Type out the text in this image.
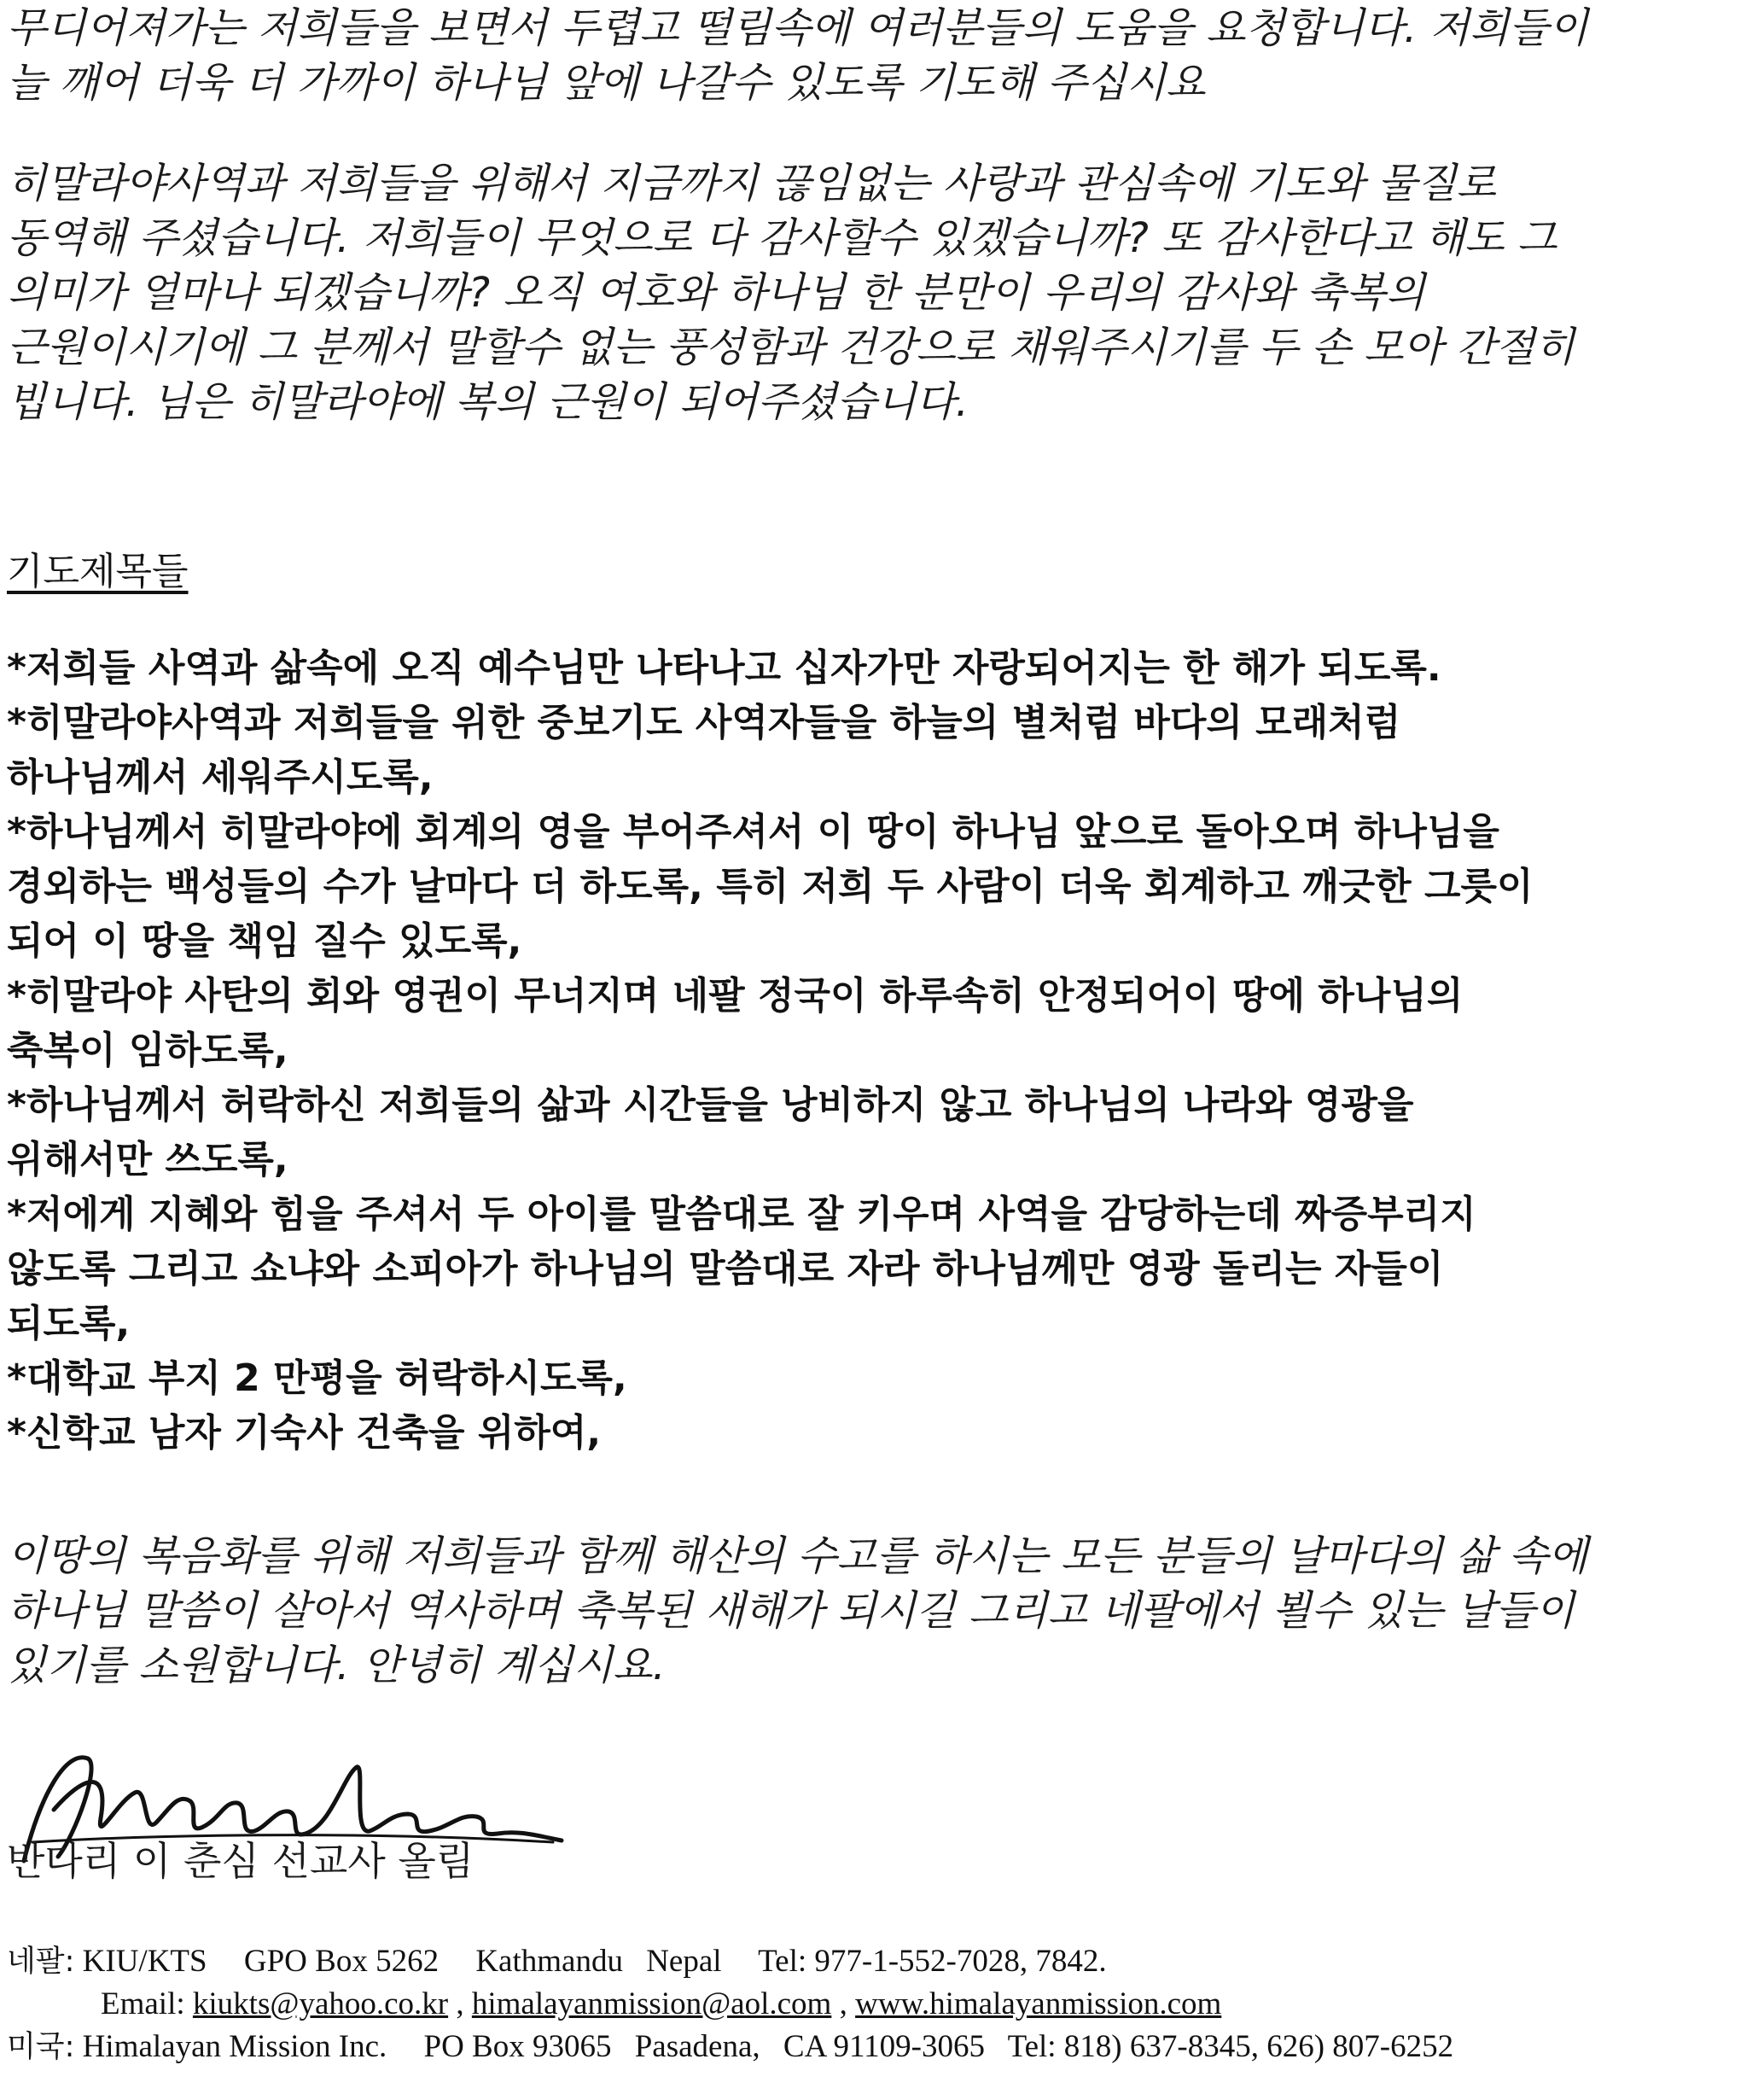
무디어져가는 저희들을 보면서 두렵고 떨림속에 여러분들의 도움을 요청합니다. 저희들이

늘 깨어 더욱 더 가까이 하나님 앞에 나갈수 있도록 기도해 주십시요

히말라야사역과 저희들을 위해서 지금까지 끊임없는 사랑과 관심속에 기도와 물질로

동역해 주셨습니다. 저희들이 무엇으로 다 감사할수 있겠습니까? 또 감사한다고 해도 그

의미가 얼마나 되겠습니까? 오직 여호와 하나님 한 분만이 우리의 감사와 축복의

근원이시기에 그 분께서 말할수 없는 풍성함과 건강으로 채워주시기를 두 손 모아 간절히

빕니다. 님은 히말라야에 복의 근원이 되어주셨습니다.

기도제목들

*저희들 사역과 삶속에 오직 예수님만 나타나고 십자가만 자랑되어지는 한 해가 되도록.

*히말라야사역과 저희들을 위한 중보기도 사역자들을 하늘의 별처럼 바다의 모래처럼

하나님께서 세워주시도록,

*하나님께서 히말라야에 회계의 영을 부어주셔서 이 땅이 하나님 앞으로 돌아오며 하나님을

경외하는 백성들의 수가 날마다 더 하도록, 특히 저희 두 사람이 더욱 회계하고 깨긋한 그릇이

되어 이 땅을 책임 질수 있도록,

*히말라야 사탄의 회와 영권이 무너지며 네팔 정국이 하루속히 안정되어이 땅에 하나님의

축복이 임하도록,

*하나님께서 허락하신 저희들의 삶과 시간들을 낭비하지 않고 하나님의 나라와 영광을

위해서만 쓰도록,

*저에게 지혜와 힘을 주셔서 두 아이를 말씀대로 잘 키우며 사역을 감당하는데 짜증부리지

않도록 그리고 쇼냐와 소피아가 하나님의 말씀대로 자라 하나님께만 영광 돌리는 자들이

되도록,

*대학교 부지 2 만평을 허락하시도록,

*신학교 남자 기숙사 건축을 위하여,

이땅의 복음화를 위해 저희들과 함께 해산의 수고를 하시는 모든 분들의 날마다의 삶 속에

하나님 말씀이 살아서 역사하며 축복된 새해가 되시길 그리고 네팔에서 뵐수 있는 날들이

있기를 소원합니다. 안녕히 계십시요.

반다리 이 춘심 선교사 올림

네팔: KIU/KTS GPO Box 5262 Kathmandu Nepal Tel: 977-1-552-7028, 7842.

Email: kiukts@yahoo.co.kr , himalayanmission@aol.com , www.himalayanmission.com

미국: Himalayan Mission Inc. PO Box 93065 Pasadena, CA 91109-3065 Tel: 818) 637-8345, 626) 807-6252
